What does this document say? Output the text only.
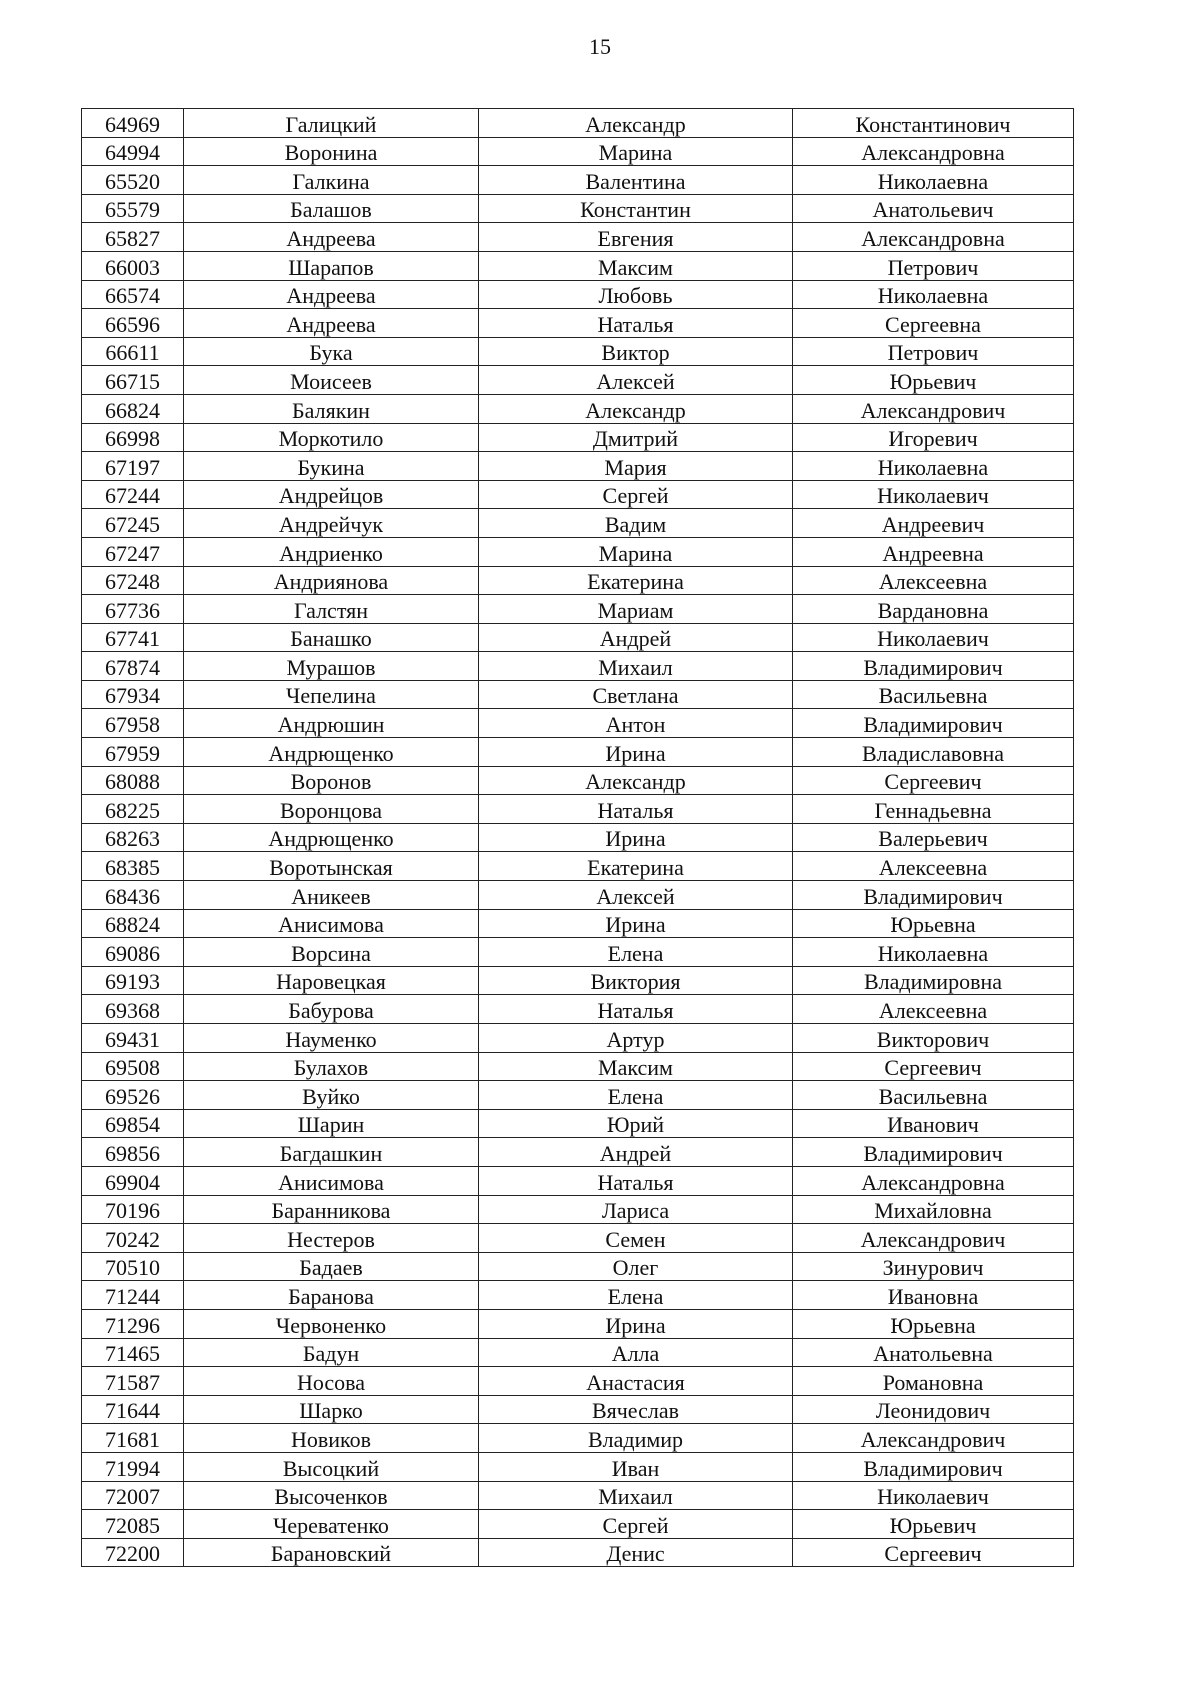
15
64969	Галицкий	Александр	Константинович
64994	Воронина	Марина	Александровна
65520	Галкина	Валентина	Николаевна
65579	Балашов	Константин	Анатольевич
65827	Андреева	Евгения	Александровна
66003	Шарапов	Максим	Петрович
66574	Андреева	Любовь	Николаевна
66596	Андреева	Наталья	Сергеевна
66611	Бука	Виктор	Петрович
66715	Моисеев	Алексей	Юрьевич
66824	Балякин	Александр	Александрович
66998	Моркотило	Дмитрий	Игоревич
67197	Букина	Мария	Николаевна
67244	Андрейцов	Сергей	Николаевич
67245	Андрейчук	Вадим	Андреевич
67247	Андриенко	Марина	Андреевна
67248	Андриянова	Екатерина	Алексеевна
67736	Галстян	Мариам	Вардановна
67741	Банашко	Андрей	Николаевич
67874	Мурашов	Михаил	Владимирович
67934	Чепелина	Светлана	Васильевна
67958	Андрюшин	Антон	Владимирович
67959	Андрющенко	Ирина	Владиславовна
68088	Воронов	Александр	Сергеевич
68225	Воронцова	Наталья	Геннадьевна
68263	Андрющенко	Ирина	Валерьевич
68385	Воротынская	Екатерина	Алексеевна
68436	Аникеев	Алексей	Владимирович
68824	Анисимова	Ирина	Юрьевна
69086	Ворсина	Елена	Николаевна
69193	Наровецкая	Виктория	Владимировна
69368	Бабурова	Наталья	Алексеевна
69431	Науменко	Артур	Викторович
69508	Булахов	Максим	Сергеевич
69526	Вуйко	Елена	Васильевна
69854	Шарин	Юрий	Иванович
69856	Багдашкин	Андрей	Владимирович
69904	Анисимова	Наталья	Александровна
70196	Баранникова	Лариса	Михайловна
70242	Нестеров	Семен	Александрович
70510	Бадаев	Олег	Зинурович
71244	Баранова	Елена	Ивановна
71296	Червоненко	Ирина	Юрьевна
71465	Бадун	Алла	Анатольевна
71587	Носова	Анастасия	Романовна
71644	Шарко	Вячеслав	Леонидович
71681	Новиков	Владимир	Александрович
71994	Высоцкий	Иван	Владимирович
72007	Высоченков	Михаил	Николаевич
72085	Череватенко	Сергей	Юрьевич
72200	Барановский	Денис	Сергеевич
